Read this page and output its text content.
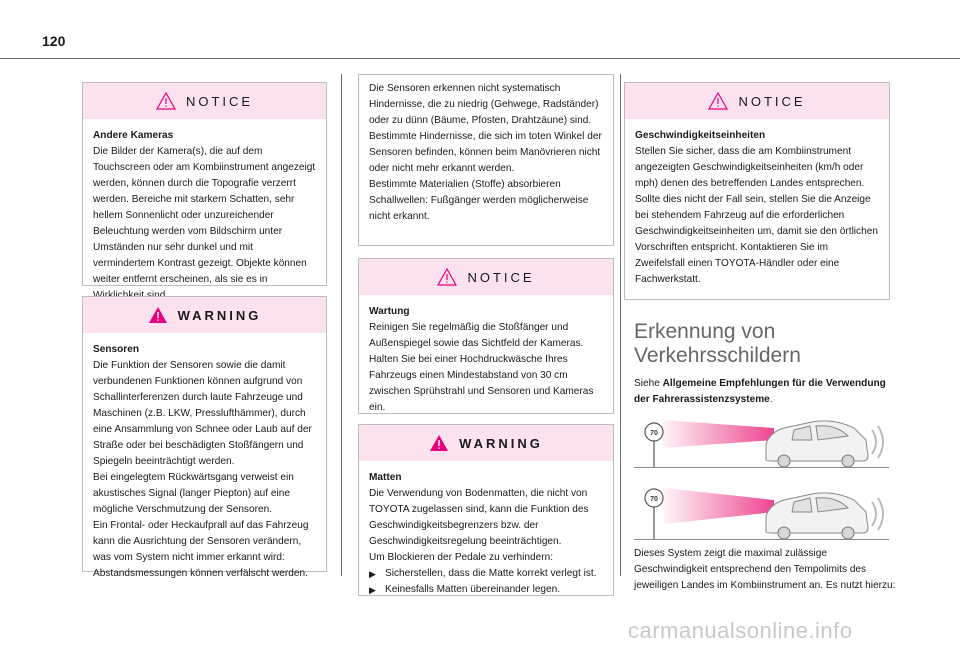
120
NOTICE

Andere Kameras

Die Bilder der Kamera(s), die auf dem Touchscreen oder am Kombiinstrument angezeigt werden, können durch die Topografie verzerrt werden. Bereiche mit starkem Schatten, sehr hellem Sonnenlicht oder unzureichender Beleuchtung werden vom Bildschirm unter Umständen nur sehr dunkel und mit vermindertem Kontrast gezeigt. Objekte können weiter entfernt erscheinen, als sie es in

WARNING

Sensoren

Die Funktion der Sensoren sowie die damit verbundenen Funktionen können aufgrund von Schallinterferenzen durch laute Fahrzeuge und Maschinen (z.B. LKW, Presslufthämmer), durch eine Ansammlung von Schnee oder Laub auf der Straße oder bei beschädigten Stoßfängern und Spiegeln beeinträchtigt werden.

Bei eingelegtem Rückwärtsgang verweist ein akustisches Signal (langer Piepton) auf eine mögliche Verschmutzung der Sensoren.

Ein Frontal- oder Heckaufprall auf das Fahrzeug kann die Ausrichtung der Sensoren verändern, was vom System nicht immer erkannt wird: Abstandsmessungen können verfälscht werden.

Die Sensoren erkennen nicht systematisch Hindernisse, die zu niedrig (Gehwege, Radständer) oder zu dünn (Bäume, Pfosten, Drahtzäune) sind.

Bestimmte Hindernisse, die sich im toten Winkel der Sensoren befinden, können beim Manövrieren nicht oder nicht mehr erkannt werden.

Bestimmte Materialien (Stoffe) absorbieren Schallwellen: Fußgänger werden möglicherweise nicht erkannt.

NOTICE

Wartung

Reinigen Sie regelmäßig die Stoßfänger und Außenspiegel sowie das Sichtfeld der Kameras. Halten Sie bei einer Hochdruckwäsche Ihres Fahrzeugs einen Mindestabstand von 30 cm zwischen Sprühstrahl und Sensoren und Kameras ein.

WARNING

Matten

Die Verwendung von Bodenmatten, die nicht von TOYOTA zugelassen sind, kann die Funktion des Geschwindigkeitsbegrenzers bzw. der Geschwindigkeitsregelung beeinträchtigen.

Um Blockieren der Pedale zu verhindern:

▶ Sicherstellen, dass die Matte korrekt verlegt ist.
▶ Keinesfalls Matten übereinander legen.
NOTICE

Geschwindigkeitseinheiten

Stellen Sie sicher, dass die am Kombiinstrument angezeigten Geschwindigkeitseinheiten (km/h oder mph) denen des betreffenden Landes entsprechen.

Sollte dies nicht der Fall sein, stellen Sie die Anzeige bei stehendem Fahrzeug auf die erforderlichen Geschwindigkeitseinheiten um, damit sie den örtlichen Vorschriften entspricht. Kontaktieren Sie im Zweifelsfall einen TOYOTA-Händler oder eine Fachwerkstatt.

Erkennung von Verkehrsschildern
Siehe Allgemeine Empfehlungen für die Verwendung der Fahrerassistenzsysteme.
70
70
Dieses System zeigt die maximal zulässige Geschwindigkeit entsprechend den Tempolimits des jeweiligen Landes im Kombiinstrument an. Es nutzt hierzu:
carmanualsonline.info
